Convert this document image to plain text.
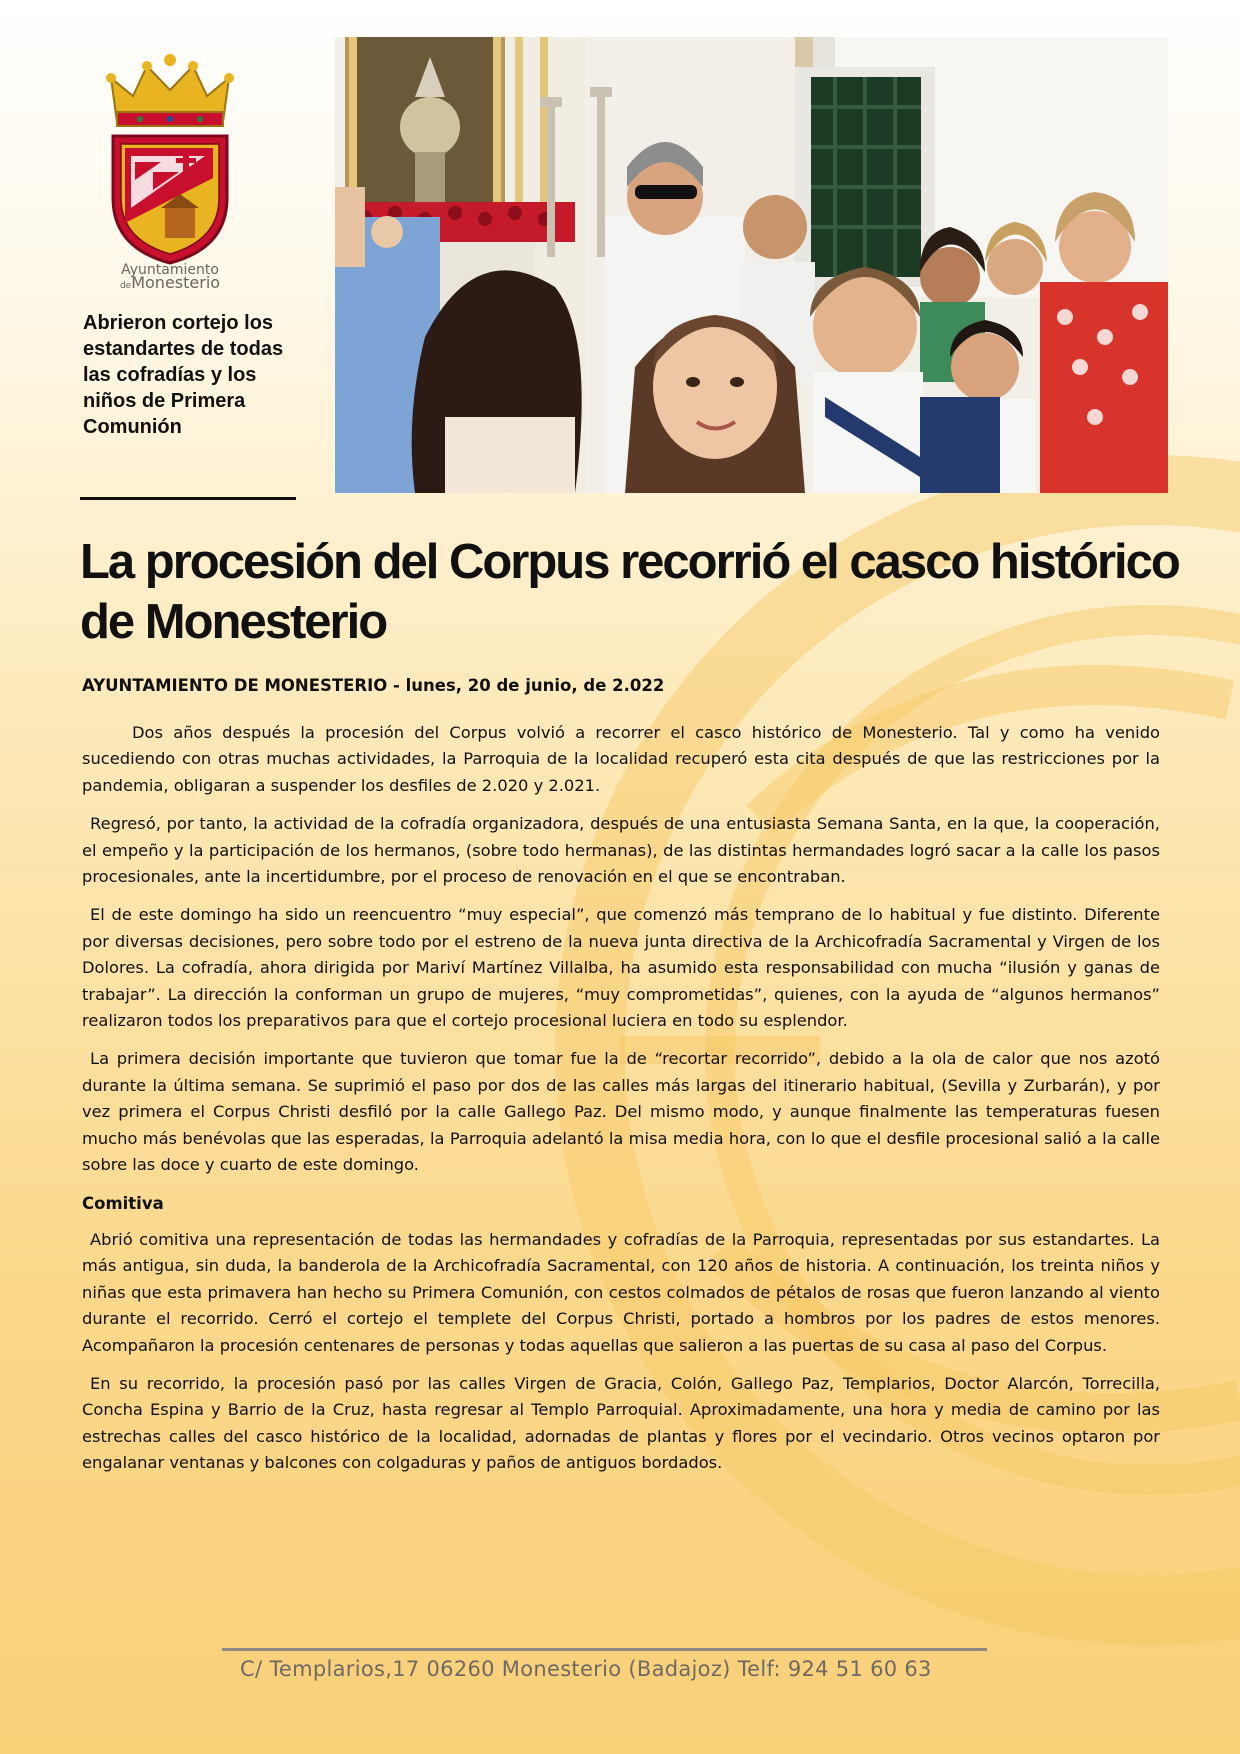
Ayuntamiento
deMonesterio

Abrieron cortejo los estandartes de todas las cofradías y los niños de Primera Comunión

La procesión del Corpus recorrió el casco histórico de Monesterio

AYUNTAMIENTO DE MONESTERIO - lunes, 20 de junio, de 2.022

Dos años después la procesión del Corpus volvió a recorrer el casco histórico de Monesterio. Tal y como ha venido sucediendo con otras muchas actividades, la Parroquia de la localidad recuperó esta cita después de que las restricciones por la pandemia, obligaran a suspender los desfiles de 2.020 y 2.021.

Regresó, por tanto, la actividad de la cofradía organizadora, después de una entusiasta Semana Santa, en la que, la cooperación, el empeño y la participación de los hermanos, (sobre todo hermanas), de las distintas hermandades logró sacar a la calle los pasos procesionales, ante la incertidumbre, por el proceso de renovación en el que se encontraban.

El de este domingo ha sido un reencuentro “muy especial”, que comenzó más temprano de lo habitual y fue distinto. Diferente por diversas decisiones, pero sobre todo por el estreno de la nueva junta directiva de la Archicofradía Sacramental y Virgen de los Dolores. La cofradía, ahora dirigida por Mariví Martínez Villalba, ha asumido esta responsabilidad con mucha “ilusión y ganas de trabajar”. La dirección la conforman un grupo de mujeres, “muy comprometidas”, quienes, con la ayuda de “algunos hermanos” realizaron todos los preparativos para que el cortejo procesional luciera en todo su esplendor.

La primera decisión importante que tuvieron que tomar fue la de “recortar recorrido”, debido a la ola de calor que nos azotó durante la última semana. Se suprimió el paso por dos de las calles más largas del itinerario habitual, (Sevilla y Zurbarán), y por vez primera el Corpus Christi desfiló por la calle Gallego Paz. Del mismo modo, y aunque finalmente las temperaturas fuesen mucho más benévolas que las esperadas, la Parroquia adelantó la misa media hora, con lo que el desfile procesional salió a la calle sobre las doce y cuarto de este domingo.

Comitiva

Abrió comitiva una representación de todas las hermandades y cofradías de la Parroquia, representadas por sus estandartes. La más antigua, sin duda, la banderola de la Archicofradía Sacramental, con 120 años de historia. A continuación, los treinta niños y niñas que esta primavera han hecho su Primera Comunión, con cestos colmados de pétalos de rosas que fueron lanzando al viento durante el recorrido. Cerró el cortejo el templete del Corpus Christi, portado a hombros por los padres de estos menores. Acompañaron la procesión centenares de personas y todas aquellas que salieron a las puertas de su casa al paso del Corpus.

En su recorrido, la procesión pasó por las calles Virgen de Gracia, Colón, Gallego Paz, Templarios, Doctor Alarcón, Torrecilla, Concha Espina y Barrio de la Cruz, hasta regresar al Templo Parroquial. Aproximadamente, una hora y media de camino por las estrechas calles del casco histórico de la localidad, adornadas de plantas y flores por el vecindario. Otros vecinos optaron por engalanar ventanas y balcones con colgaduras y paños de antiguos bordados.

C/ Templarios,17 06260 Monesterio (Badajoz) Telf: 924 51 60 63
